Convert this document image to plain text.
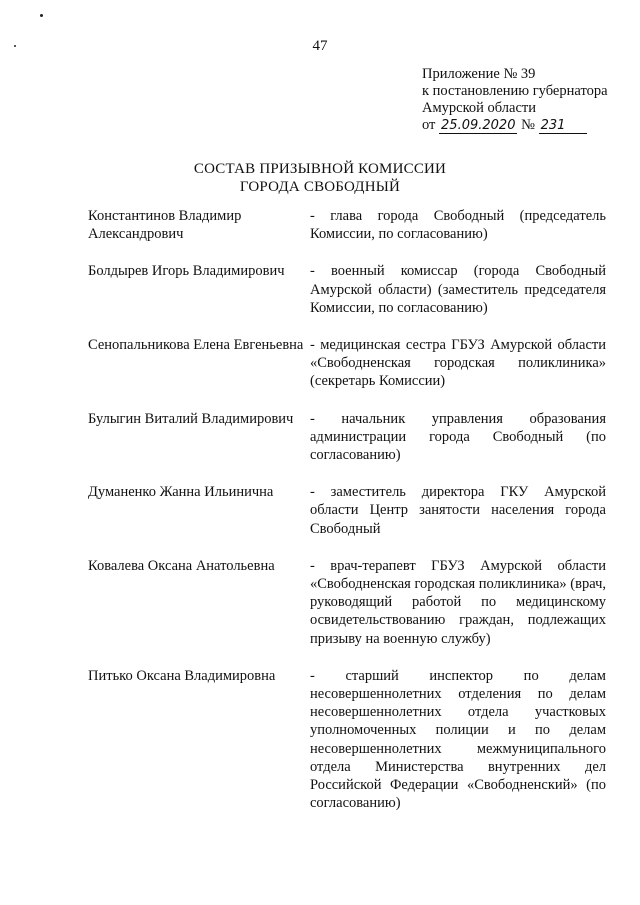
47
Приложение № 39
к постановлению губернатора
Амурской области
от 25.09.2020 № 231
СОСТАВ ПРИЗЫВНОЙ КОМИССИИ
ГОРОДА СВОБОДНЫЙ
Константинов Владимир Александрович
- глава города Свободный (председатель Комиссии, по согласованию)
Болдырев Игорь Владимирович	- военный комиссар (города Свободный Амурской области) (заместитель председателя Комиссии, по согласованию)
Сенопальникова Елена Евгеньевна - медицинская сестра ГБУЗ Амурской области «Свободненская городская поликлиника» (секретарь Комиссии)
Булыгин Виталий Владимирович	- начальник управления образования администрации города Свободный (по согласованию)
Думаненко Жанна Ильинична	- заместитель директора ГКУ Амурской области Центр занятости населения города Свободный
Ковалева Оксана Анатольевна	- врач-терапевт ГБУЗ Амурской области «Свободненская городская поликлиника» (врач, руководящий работой по медицинскому освидетельствованию граждан, подлежащих призыву на военную службу)
Питько Оксана Владимировна	- старший инспектор по делам несовершеннолетних отделения по делам несовершеннолетних отдела участковых уполномоченных полиции и по делам несовершеннолетних межмуниципального отдела Министерства внутренних дел Российской Федерации «Свободненский» (по согласованию)
